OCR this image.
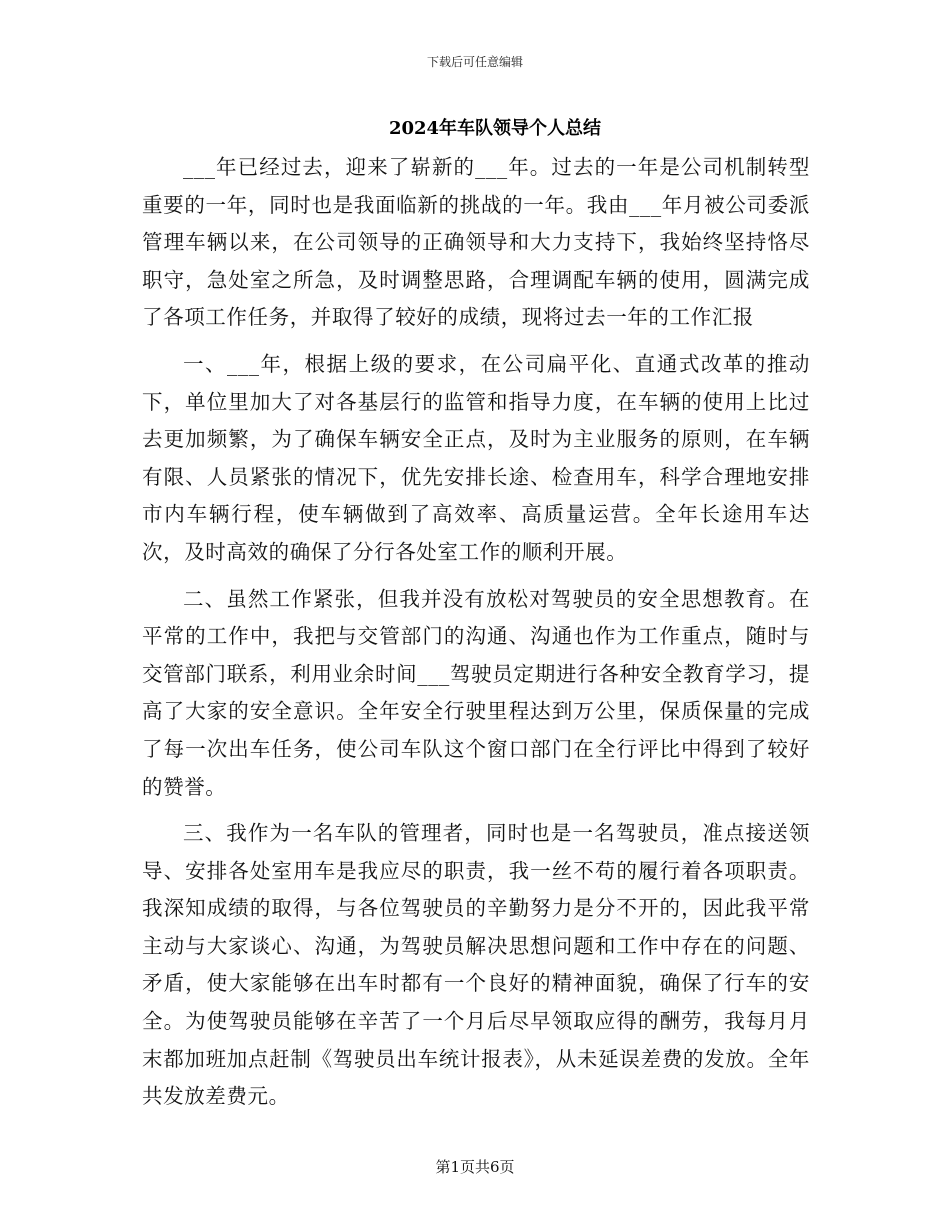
下载后可任意编辑
2024年车队领导个人总结

___年已经过去，迎来了崭新的___年。过去的一年是公司机制转型重要的一年，同时也是我面临新的挑战的一年。我由___年月被公司委派管理车辆以来，在公司领导的正确领导和大力支持下，我始终坚持恪尽职守，急处室之所急，及时调整思路，合理调配车辆的使用，圆满完成了各项工作任务，并取得了较好的成绩，现将过去一年的工作汇报

一、___年，根据上级的要求，在公司扁平化、直通式改革的推动下，单位里加大了对各基层行的监管和指导力度，在车辆的使用上比过去更加频繁，为了确保车辆安全正点，及时为主业服务的原则，在车辆有限、人员紧张的情况下，优先安排长途、检查用车，科学合理地安排市内车辆行程，使车辆做到了高效率、高质量运营。全年长途用车达次，及时高效的确保了分行各处室工作的顺利开展。

二、虽然工作紧张，但我并没有放松对驾驶员的安全思想教育。在平常的工作中，我把与交管部门的沟通、沟通也作为工作重点，随时与交管部门联系，利用业余时间___驾驶员定期进行各种安全教育学习，提高了大家的安全意识。全年安全行驶里程达到万公里，保质保量的完成了每一次出车任务，使公司车队这个窗口部门在全行评比中得到了较好的赞誉。

三、我作为一名车队的管理者，同时也是一名驾驶员，准点接送领导、安排各处室用车是我应尽的职责，我一丝不苟的履行着各项职责。我深知成绩的取得，与各位驾驶员的辛勤努力是分不开的，因此我平常主动与大家谈心、沟通，为驾驶员解决思想问题和工作中存在的问题、矛盾，使大家能够在出车时都有一个良好的精神面貌，确保了行车的安全。为使驾驶员能够在辛苦了一个月后尽早领取应得的酬劳，我每月月末都加班加点赶制《驾驶员出车统计报表》，从未延误差费的发放。全年共发放差费元。

第1页共6页
